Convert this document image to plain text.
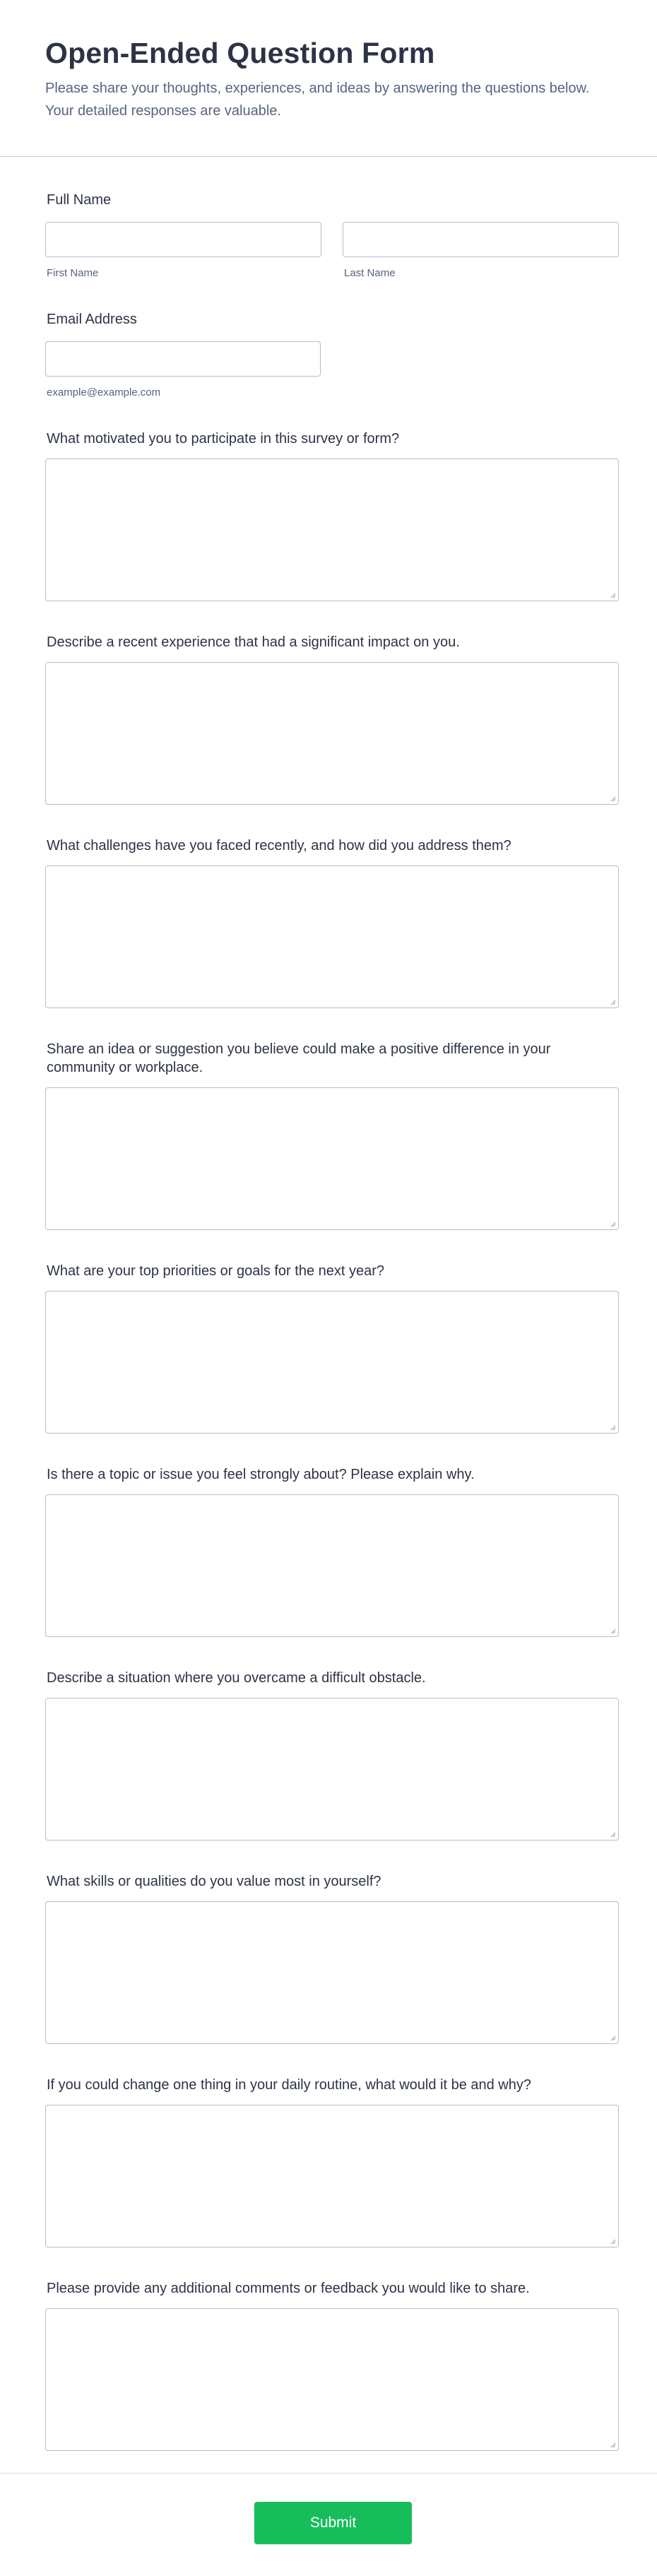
Open-Ended Question Form

Please share your thoughts, experiences, and ideas by answering the questions below. Your detailed responses are valuable.

Full Name
First Name	Last Name
Email Address
example@example.com
What motivated you to participate in this survey or form?
Describe a recent experience that had a significant impact on you.
What challenges have you faced recently, and how did you address them?
Share an idea or suggestion you believe could make a positive difference in your community or workplace.
What are your top priorities or goals for the next year?
Is there a topic or issue you feel strongly about? Please explain why.
Describe a situation where you overcame a difficult obstacle.
What skills or qualities do you value most in yourself?
If you could change one thing in your daily routine, what would it be and why?
Please provide any additional comments or feedback you would like to share.
Submit
